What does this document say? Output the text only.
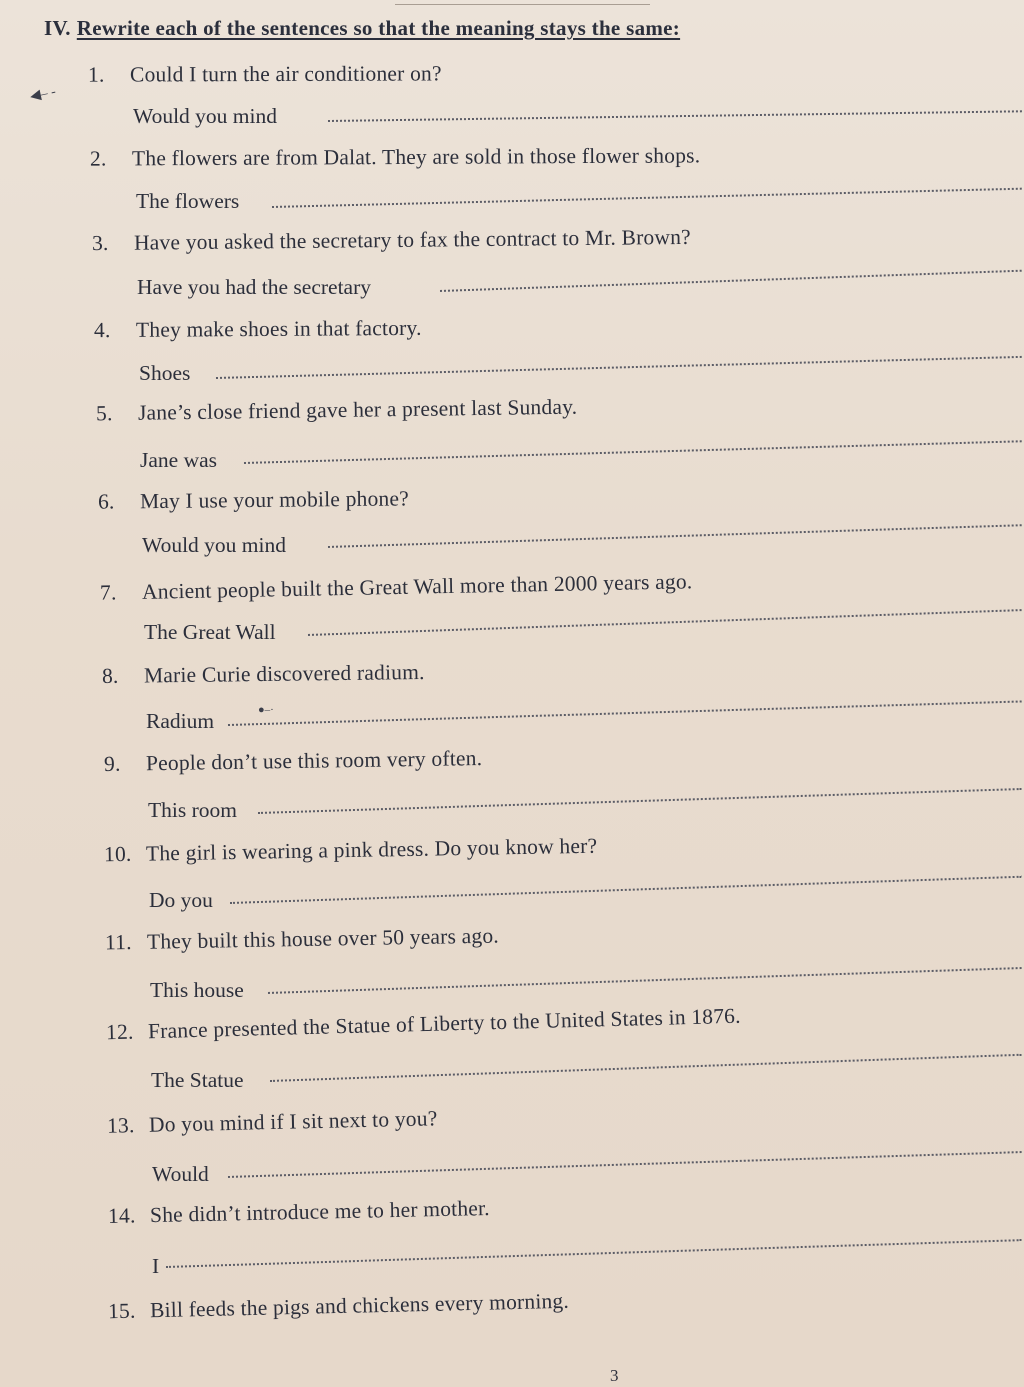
IV. Rewrite each of the sentences so that the meaning stays the same:
◀– -
●–·
1. Could I turn the air conditioner on?
Would you mind
2. The flowers are from Dalat. They are sold in those flower shops.
The flowers
3. Have you asked the secretary to fax the contract to Mr. Brown?
Have you had the secretary
4. They make shoes in that factory.
Shoes
5. Jane’s close friend gave her a present last Sunday.
Jane was
6. May I use your mobile phone?
Would you mind
7. Ancient people built the Great Wall more than 2000 years ago.
The Great Wall
8. Marie Curie discovered radium.
Radium
9. People don’t use this room very often.
This room
10. The girl is wearing a pink dress. Do you know her?
Do you
11. They built this house over 50 years ago.
This house
12. France presented the Statue of Liberty to the United States in 1876.
The Statue
13. Do you mind if I sit next to you?
Would
14. She didn’t introduce me to her mother.
I
15. Bill feeds the pigs and chickens every morning.
3
